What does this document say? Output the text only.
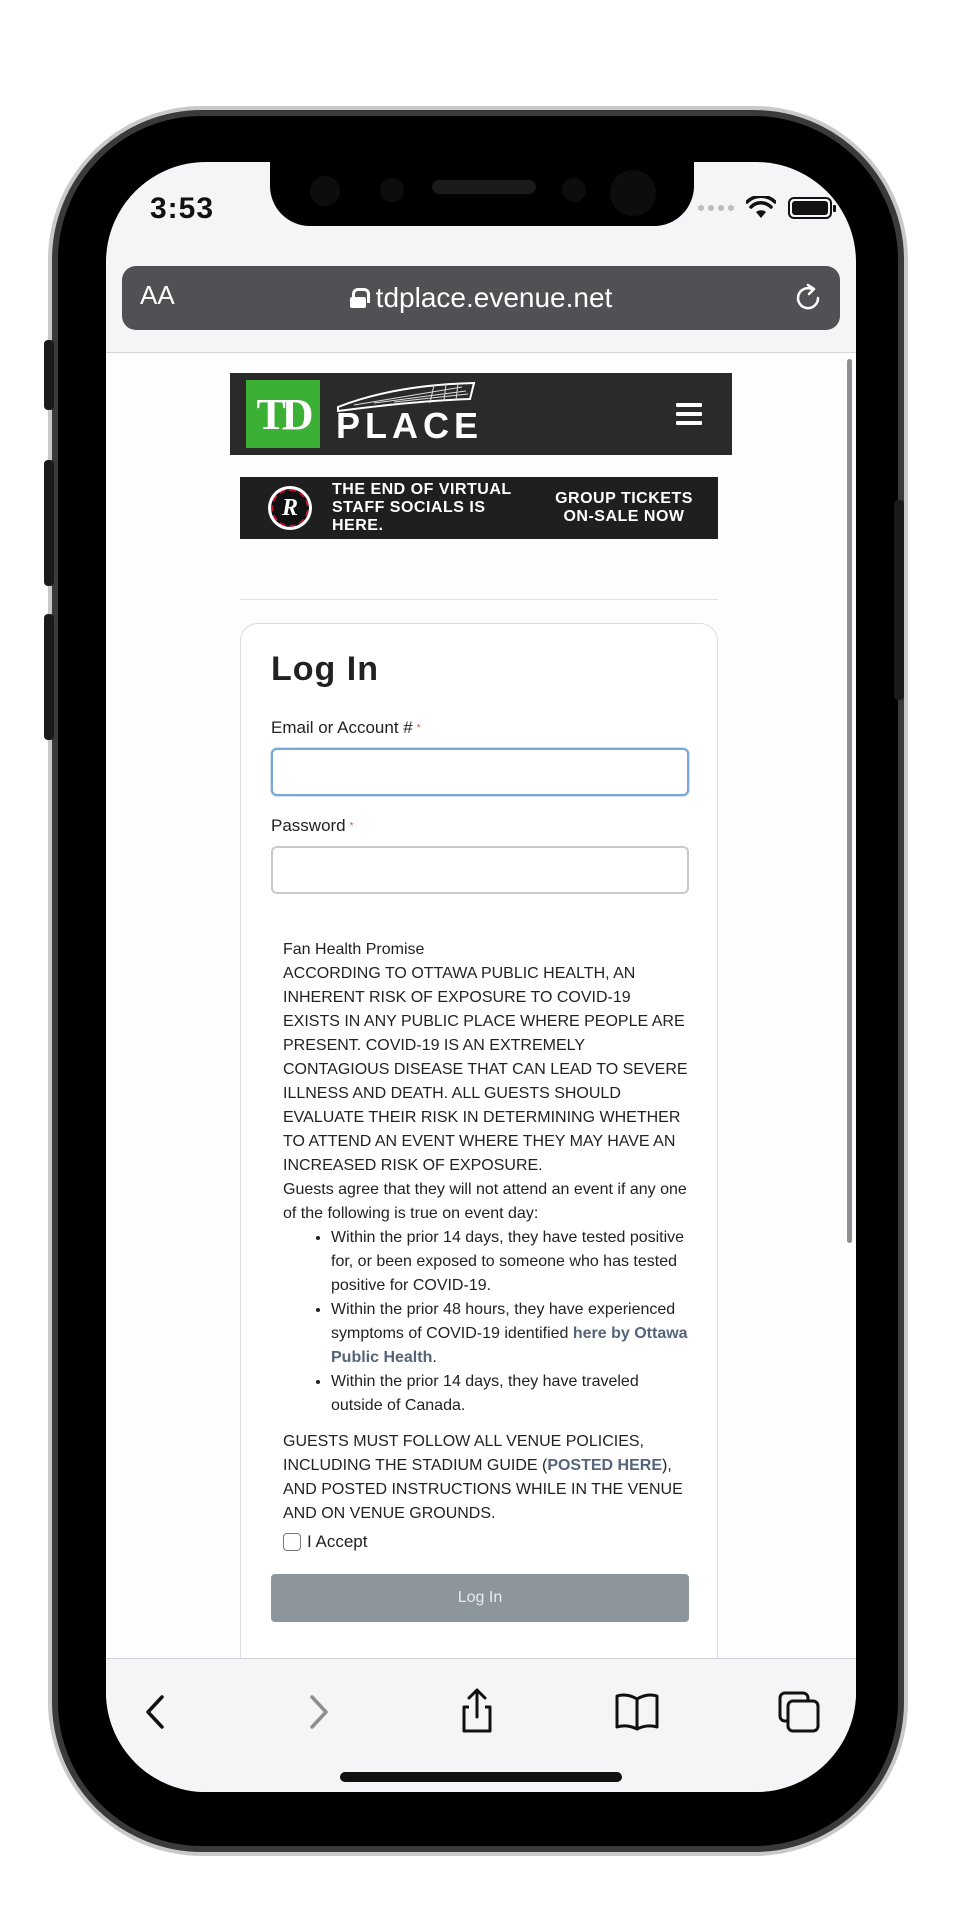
3:53
AA	tdplace.evenue.net
TD PLACE
R
THE END OF VIRTUAL
STAFF SOCIALS IS HERE.
GROUP TICKETS
ON-SALE NOW
Log In
Email or Account # *
Password *
Fan Health Promise
ACCORDING TO OTTAWA PUBLIC HEALTH, AN INHERENT RISK OF EXPOSURE TO COVID-19 EXISTS IN ANY PUBLIC PLACE WHERE PEOPLE ARE PRESENT. COVID-19 IS AN EXTREMELY CONTAGIOUS DISEASE THAT CAN LEAD TO SEVERE ILLNESS AND DEATH. ALL GUESTS SHOULD EVALUATE THEIR RISK IN DETERMINING WHETHER TO ATTEND AN EVENT WHERE THEY MAY HAVE AN INCREASED RISK OF EXPOSURE.
Guests agree that they will not attend an event if any one of the following is true on event day:
• Within the prior 14 days, they have tested positive for, or been exposed to someone who has tested positive for COVID-19.
• Within the prior 48 hours, they have experienced symptoms of COVID-19 identified here by Ottawa Public Health.
• Within the prior 14 days, they have traveled outside of Canada.

GUESTS MUST FOLLOW ALL VENUE POLICIES, INCLUDING THE STADIUM GUIDE (POSTED HERE), AND POSTED INSTRUCTIONS WHILE IN THE VENUE AND ON VENUE GROUNDS.

I Accept
Log In
